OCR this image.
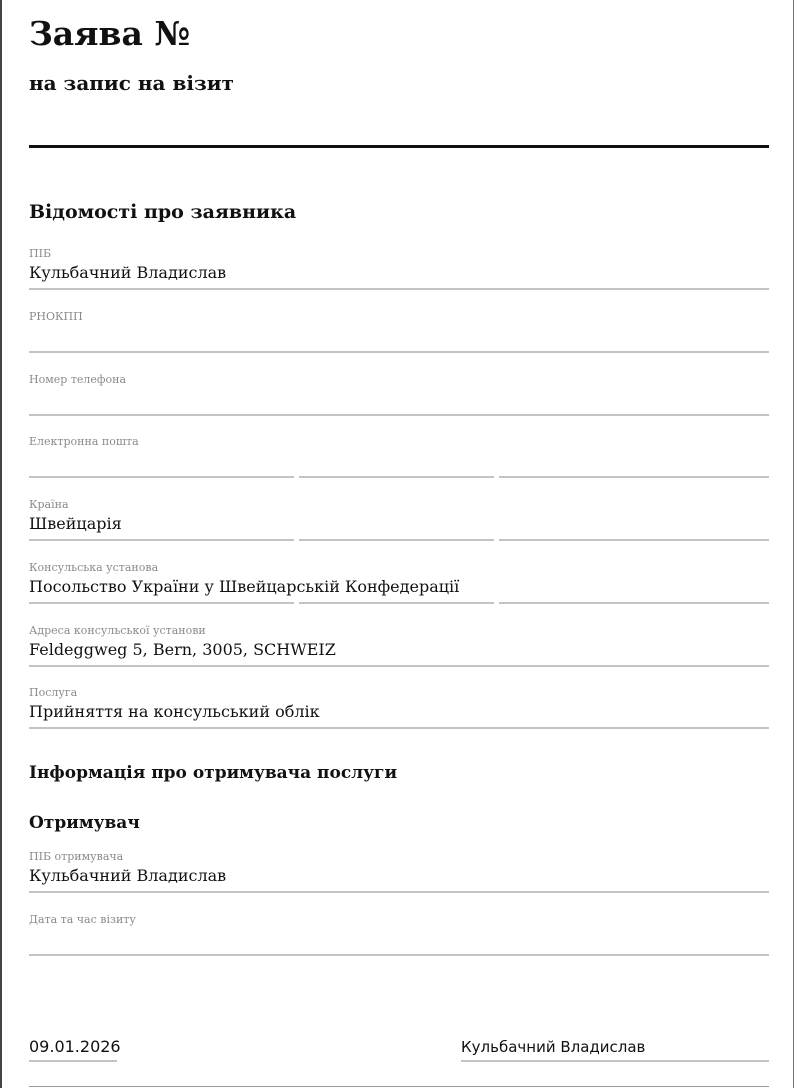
Заява №
на запис на візит
Відомості про заявника
ПІБ
Кульбачний Владислав
РНОКПП
Номер телефона
Електронна пошта
Країна
Швейцарія
Консульська установа
Посольство України у Швейцарській Конфедерації
Адреса консульської установи
Feldeggweg 5, Bern, 3005, SCHWEIZ
Послуга
Прийняття на консульський облік
Інформація про отримувача послуги
Отримувач
ПІБ отримувача
Кульбачний Владислав
Дата та час візиту
09.01.2026	Кульбачний Владислав
